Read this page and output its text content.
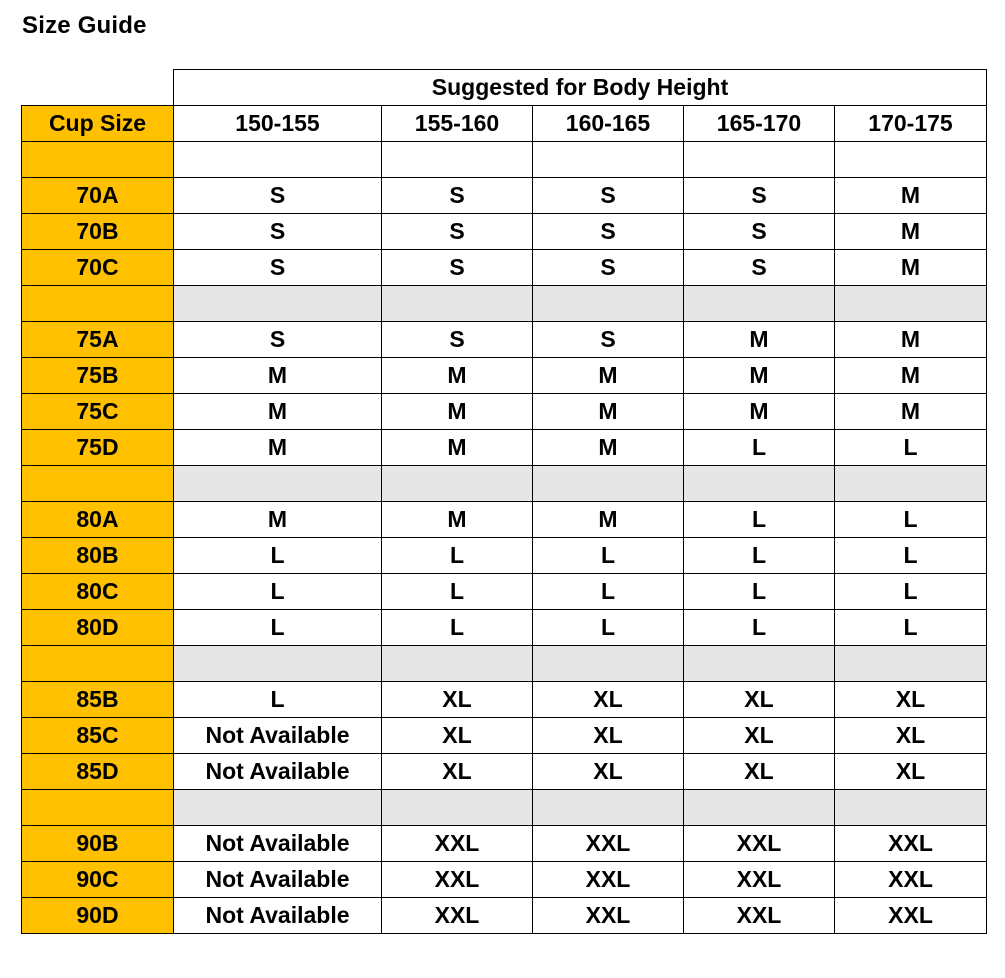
Size Guide
	Suggested for Body Height				
Cup Size	150-155	155-160	160-165	165-170	170-175

70A	S	S	S	S	M
70B	S	S	S	S	M
70C	S	S	S	S	M

75A	S	S	S	M	M
75B	M	M	M	M	M
75C	M	M	M	M	M
75D	M	M	M	L	L

80A	M	M	M	L	L
80B	L	L	L	L	L
80C	L	L	L	L	L
80D	L	L	L	L	L

85B	L	XL	XL	XL	XL
85C	Not Available	XL	XL	XL	XL
85D	Not Available	XL	XL	XL	XL

90B	Not Available	XXL	XXL	XXL	XXL
90C	Not Available	XXL	XXL	XXL	XXL
90D	Not Available	XXL	XXL	XXL	XXL
